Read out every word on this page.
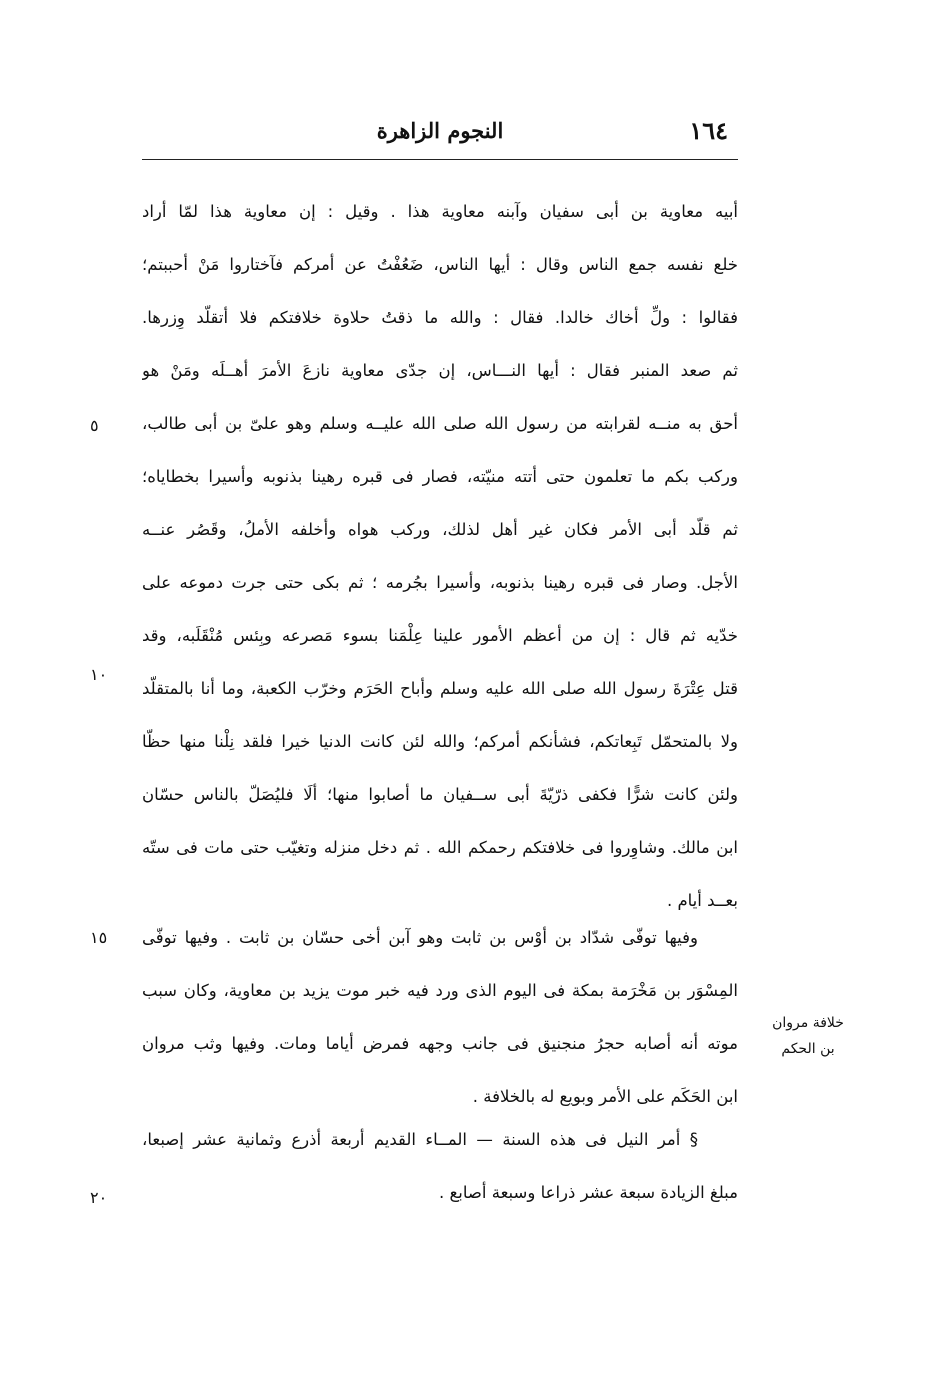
١٦٤
النجوم الزاهرة
أبيه معاوية بن أبى سفيان وآبنه معاوية هذا . وقيل : إن معاوية هذا لمّا أراد
خلع نفسه جمع الناس وقال : أيها الناس، ضَعُفْتُ عن أمركم فآختاروا مَنْ أحببتم؛
فقالوا : ولِّ أخاك خالدا. فقال : والله ما ذقتُ حلاوة خلافتكم فلا أتقلّد وِزرها.
ثم صعد المنبر فقال : أيها النـــاس، إن جدّى معاوية نازعَ الأمرَ أهــلَه ومَنْ هو
أحق به منــه لقرابته من رسول الله صلى الله عليــه وسلم وهو علىّ بن أبى طالب،
وركب بكم ما تعلمون حتى أتته منيّته، فصار فى قبره رهينا بذنوبه وأسيرا بخطاياه؛
ثم قلّد أبى الأمر فكان غير أهل لذلك، وركب هواه وأخلفه الأملُ، وقَصُر عنــه
الأجل. وصار فى قبره رهينا بذنوبه، وأسيرا بجُرمه ؛ ثم بكى حتى جرت دموعه على
خدّيه ثم قال : إن من أعظم الأمور علينا عِلْمَنا بسوء مَصرعه وبِئس مُنْقَلَبه، وقد
قتل عِتْرَةَ رسول الله صلى الله عليه وسلم وأباح الحَرَم وخرّب الكعبة، وما أنا بالمتقلّد
ولا بالمتحمّل تَبِعاتكم، فشأنكم أمركم؛ والله لئن كانت الدنيا خيرا فلقد نِلْنا منها حظّا
ولئن كانت شرًّا فكفى ذرّيّةَ أبى ســفيان ما أصابوا منها؛ ألَا فليُصَلّ بالناس حسّان
ابن مالك. وشاوِروا فى خلافتكم رحمكم الله . ثم دخل منزله وتغيّب حتى مات فى ستّه
بعــد أيام .
وفيها توفّى شدّاد بن أوْس بن ثابت وهو آبن أخى حسّان بن ثابت . وفيها توفّى
المِسْوَر بن مَخْرَمة بمكة فى اليوم الذى ورد فيه خبر موت يزيد بن معاوية، وكان سبب
موته أنه أصابه حجرُ منجنيق فى جانب وجهه فمرض أياما ومات. وفيها وثب مروان
ابن الحَكَم على الأمر وبويع له بالخلافة .
§ أمر النيل فى هذه السنة — المــاء القديم أربعة أذرع وثمانية عشر إصبعا،
مبلغ الزيادة سبعة عشر ذراعا وسبعة أصابع .
٥
١٠
١٥
٢٠
خلافة مروان
بن الحكم
